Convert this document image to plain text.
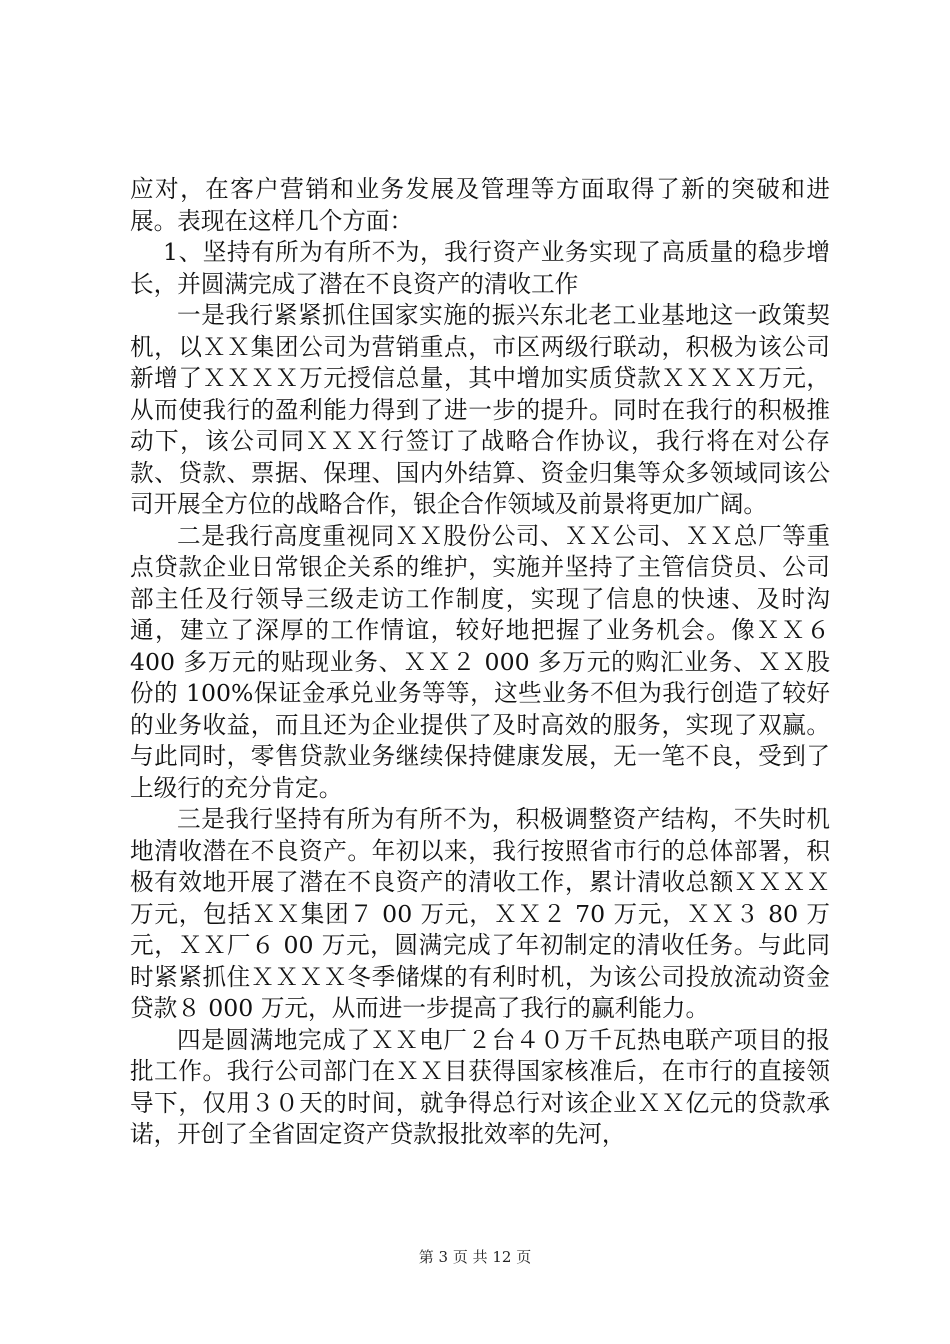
应对，在客户营销和业务发展及管理等方面取得了新的突破和进展。表现在这样几个方面：

1、坚持有所为有所不为，我行资产业务实现了高质量的稳步增长，并圆满完成了潜在不良资产的清收工作

一是我行紧紧抓住国家实施的振兴东北老工业基地这一政策契机，以ＸＸ集团公司为营销重点，市区两级行联动，积极为该公司新增了ＸＸＸＸ万元授信总量，其中增加实质贷款ＸＸＸＸ万元，从而使我行的盈利能力得到了进一步的提升。同时在我行的积极推动下，该公司同ＸＸＸ行签订了战略合作协议，我行将在对公存款、贷款、票据、保理、国内外结算、资金归集等众多领域同该公司开展全方位的战略合作，银企合作领域及前景将更加广阔。

二是我行高度重视同ＸＸ股份公司、ＸＸ公司、ＸＸ总厂等重点贷款企业日常银企关系的维护，实施并坚持了主管信贷员、公司部主任及行领导三级走访工作制度，实现了信息的快速、及时沟通，建立了深厚的工作情谊，较好地把握了业务机会。像ＸＸ６ 400 多万元的贴现业务、ＸＸ２ 000 多万元的购汇业务、ＸＸ股份的 100%保证金承兑业务等等，这些业务不但为我行创造了较好的业务收益，而且还为企业提供了及时高效的服务，实现了双赢。与此同时，零售贷款业务继续保持健康发展，无一笔不良，受到了上级行的充分肯定。

三是我行坚持有所为有所不为，积极调整资产结构，不失时机地清收潜在不良资产。年初以来，我行按照省市行的总体部署，积极有效地开展了潜在不良资产的清收工作，累计清收总额ＸＸＸＸ万元，包括ＸＸ集团７ 00 万元，ＸＸ２ 70 万元，ＸＸ３ 80 万元，ＸＸ厂６ 00 万元，圆满完成了年初制定的清收任务。与此同时紧紧抓住ＸＸＸＸ冬季储煤的有利时机，为该公司投放流动资金贷款８ 000 万元，从而进一步提高了我行的赢利能力。

四是圆满地完成了ＸＸ电厂２台４０万千瓦热电联产项目的报批工作。我行公司部门在ＸＸ目获得国家核准后，在市行的直接领导下，仅用３０天的时间，就争得总行对该企业ＸＸ亿元的贷款承诺，开创了全省固定资产贷款报批效率的先河，

第 3 页 共 12 页
